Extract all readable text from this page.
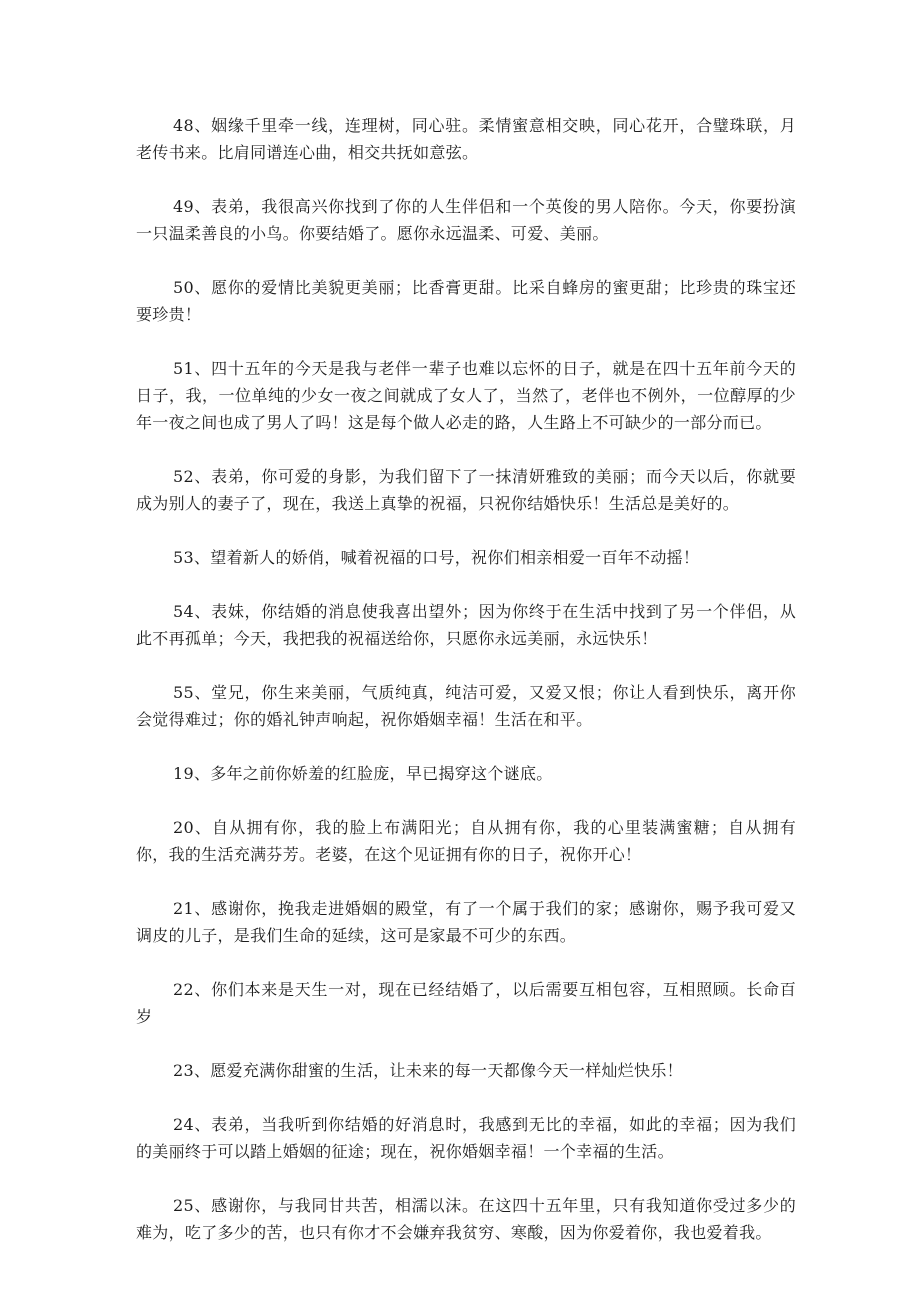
48、姻缘千里牵一线，连理树，同心驻。柔情蜜意相交映，同心花开，合璧珠联，月老传书来。比肩同谱连心曲，相交共抚如意弦。

49、表弟，我很高兴你找到了你的人生伴侣和一个英俊的男人陪你。今天，你要扮演一只温柔善良的小鸟。你要结婚了。愿你永远温柔、可爱、美丽。

50、愿你的爱情比美貌更美丽；比香膏更甜。比采自蜂房的蜜更甜；比珍贵的珠宝还要珍贵！

51、四十五年的今天是我与老伴一辈子也难以忘怀的日子，就是在四十五年前今天的日子，我，一位单纯的少女一夜之间就成了女人了，当然了，老伴也不例外，一位醇厚的少年一夜之间也成了男人了吗！这是每个做人必走的路，人生路上不可缺少的一部分而已。

52、表弟，你可爱的身影，为我们留下了一抹清妍雅致的美丽；而今天以后，你就要成为别人的妻子了，现在，我送上真挚的祝福，只祝你结婚快乐！生活总是美好的。

53、望着新人的娇俏，喊着祝福的口号，祝你们相亲相爱一百年不动摇！

54、表妹，你结婚的消息使我喜出望外；因为你终于在生活中找到了另一个伴侣，从此不再孤单；今天，我把我的祝福送给你，只愿你永远美丽，永远快乐！

55、堂兄，你生来美丽，气质纯真，纯洁可爱，又爱又恨；你让人看到快乐，离开你会觉得难过；你的婚礼钟声响起，祝你婚姻幸福！生活在和平。

19、多年之前你娇羞的红脸庞，早已揭穿这个谜底。

20、自从拥有你，我的脸上布满阳光；自从拥有你，我的心里装满蜜糖；自从拥有你，我的生活充满芬芳。老婆，在这个见证拥有你的日子，祝你开心！

21、感谢你，挽我走进婚姻的殿堂，有了一个属于我们的家；感谢你，赐予我可爱又调皮的儿子，是我们生命的延续，这可是家最不可少的东西。

22、你们本来是天生一对，现在已经结婚了，以后需要互相包容，互相照顾。长命百岁

23、愿爱充满你甜蜜的生活，让未来的每一天都像今天一样灿烂快乐！

24、表弟，当我听到你结婚的好消息时，我感到无比的幸福，如此的幸福；因为我们的美丽终于可以踏上婚姻的征途；现在，祝你婚姻幸福！一个幸福的生活。

25、感谢你，与我同甘共苦，相濡以沫。在这四十五年里，只有我知道你受过多少的难为，吃了多少的苦，也只有你才不会嫌弃我贫穷、寒酸，因为你爱着你，我也爱着我。
